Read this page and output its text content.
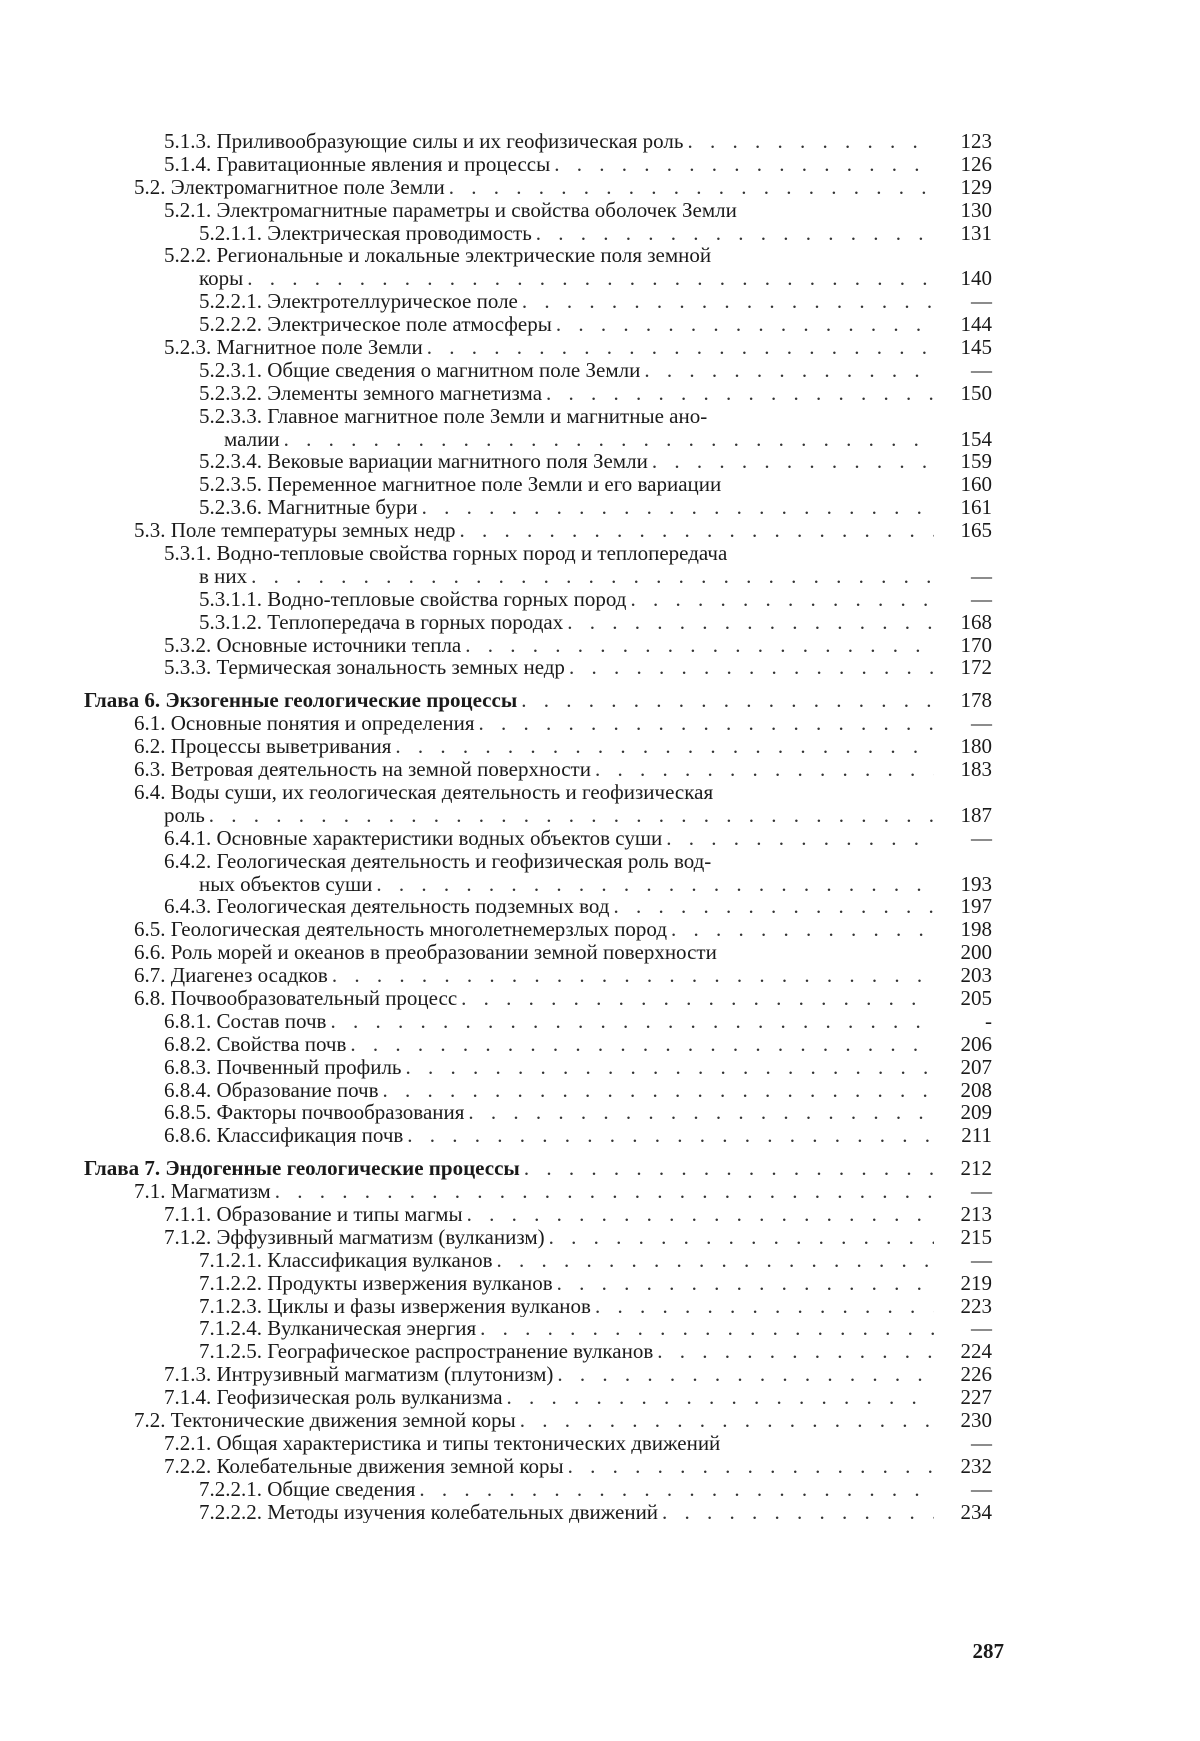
5.1.3. Приливообразующие силы и их геофизическая роль . . .	123
5.1.4. Гравитационные явления и процессы . . .	126
5.2. Электромагнитное поле Земли . . .	129
5.2.1. Электромагнитные параметры и свойства оболочек Земли	130
5.2.1.1. Электрическая проводимость . . .	131
5.2.2. Региональные и локальные электрические поля земной
коры . . .	140
5.2.2.1. Электротеллурическое поле . . .	—
5.2.2.2. Электрическое поле атмосферы . . .	144
5.2.3. Магнитное поле Земли . . .	145
5.2.3.1. Общие сведения о магнитном поле Земли . . .	—
5.2.3.2. Элементы земного магнетизма . . .	150
5.2.3.3. Главное магнитное поле Земли и магнитные ано-
малии . . .	154
5.2.3.4. Вековые вариации магнитного поля Земли . . .	159
5.2.3.5. Переменное магнитное поле Земли и его вариации	160
5.2.3.6. Магнитные бури . . .	161
5.3. Поле температуры земных недр . . .	165
5.3.1. Водно-тепловые свойства горных пород и теплопередача
в них . . .	—
5.3.1.1. Водно-тепловые свойства горных пород . . .	—
5.3.1.2. Теплопередача в горных породах . . .	168
5.3.2. Основные источники тепла . . .	170
5.3.3. Термическая зональность земных недр . . .	172
Глава 6. Экзогенные геологические процессы . . .	178
6.1. Основные понятия и определения . . .	—
6.2. Процессы выветривания . . .	180
6.3. Ветровая деятельность на земной поверхности . . .	183
6.4. Воды суши, их геологическая деятельность и геофизическая
роль . . .	187
6.4.1. Основные характеристики водных объектов суши . . .	—
6.4.2. Геологическая деятельность и геофизическая роль вод-
ных объектов суши . . .	193
6.4.3. Геологическая деятельность подземных вод . . .	197
6.5. Геологическая деятельность многолетнемерзлых пород . . .	198
6.6. Роль морей и океанов в преобразовании земной поверхности	200
6.7. Диагенез осадков . . .	203
6.8. Почвообразовательный процесс . . .	205
6.8.1. Состав почв . . .	-
6.8.2. Свойства почв . . .	206
6.8.3. Почвенный профиль . . .	207
6.8.4. Образование почв . . .	208
6.8.5. Факторы почвообразования . . .	209
6.8.6. Классификация почв . . .	211
Глава 7. Эндогенные геологические процессы . . .	212
7.1. Магматизм . . .	—
7.1.1. Образование и типы магмы . . .	213
7.1.2. Эффузивный магматизм (вулканизм) . . .	215
7.1.2.1. Классификация вулканов . . .	—
7.1.2.2. Продукты извержения вулканов . . .	219
7.1.2.3. Циклы и фазы извержения вулканов . . .	223
7.1.2.4. Вулканическая энергия . . .	—
7.1.2.5. Географическое распространение вулканов . . .	224
7.1.3. Интрузивный магматизм (плутонизм) . . .	226
7.1.4. Геофизическая роль вулканизма . . .	227
7.2. Тектонические движения земной коры . . .	230
7.2.1. Общая характеристика и типы тектонических движений	—
7.2.2. Колебательные движения земной коры . . .	232
7.2.2.1. Общие сведения . . .	—
7.2.2.2. Методы изучения колебательных движений . . .	234
287
